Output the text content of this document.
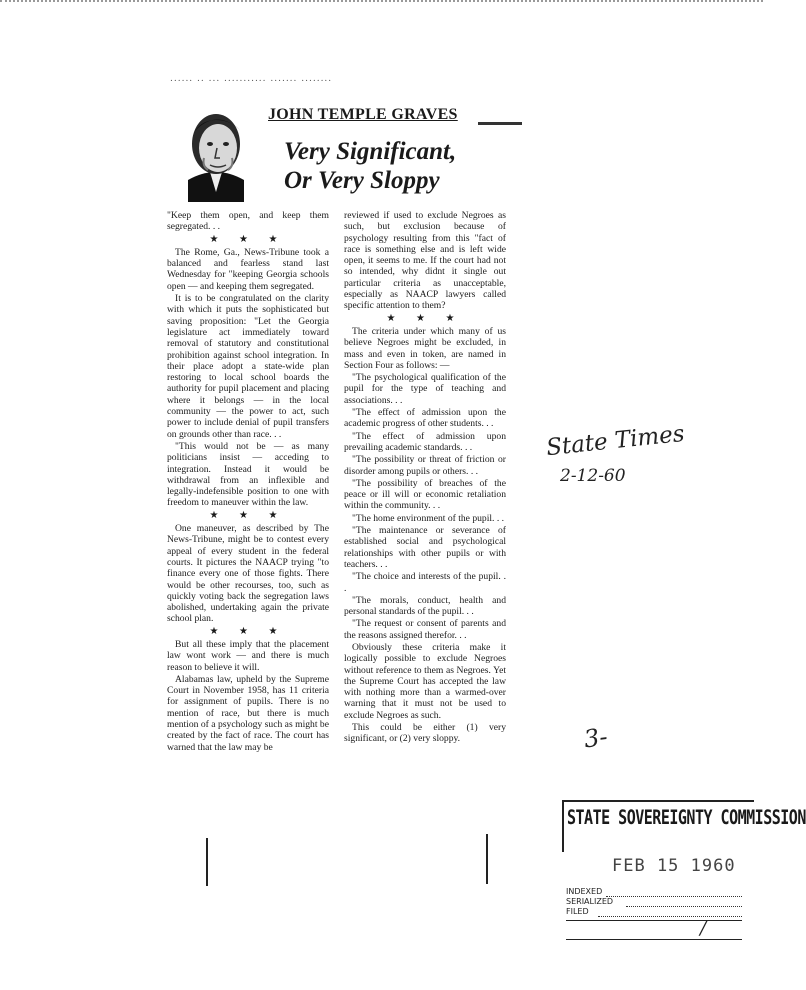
...... .. ... ........... ....... ........
JOHN TEMPLE GRAVES
Very Significant,
Or Very Sloppy

"Keep them open, and keep them segregated. . .

★ ★ ★

The Rome, Ga., News-Tribune took a balanced and fearless stand last Wednesday for "keeping Georgia schools open — and keeping them segregated.

It is to be congratulated on the clarity with which it puts the sophisticated but saving proposition: "Let the Georgia legislature act immediately toward removal of statutory and constitutional prohibition against school integration. In their place adopt a state-wide plan restoring to local school boards the authority for pupil placement and placing where it belongs — in the local community — the power to act, such power to include denial of pupil transfers on grounds other than race. . .

"This would not be — as many politicians insist — acceding to integration. Instead it would be withdrawal from an inflexible and legally-indefensible position to one with freedom to maneuver within the law.

★ ★ ★

One maneuver, as described by The News-Tribune, might be to contest every appeal of every student in the federal courts. It pictures the NAACP trying "to finance every one of those fights. There would be other recourses, too, such as quickly voting back the segregation laws abolished, undertaking again the private school plan.

★ ★ ★

But all these imply that the placement law wont work — and there is much reason to believe it will.

Alabamas law, upheld by the Supreme Court in November 1958, has 11 criteria for assignment of pupils. There is no mention of race, but there is much mention of a psychology such as might be created by the fact of race. The court has warned that the law may be

reviewed if used to exclude Negroes as such, but exclusion because of psychology resulting from this "fact of race is something else and is left wide open, it seems to me. If the court had not so intended, why didnt it single out particular criteria as unacceptable, especially as NAACP lawyers called specific attention to them?

★ ★ ★

The criteria under which many of us believe Negroes might be excluded, in mass and even in token, are named in Section Four as follows: —

"The psychological qualification of the pupil for the type of teaching and associations. . .

"The effect of admission upon the academic progress of other students. . .

"The effect of admission upon prevailing academic standards. . .

"The possibility or threat of friction or disorder among pupils or others. . .

"The possibility of breaches of the peace or ill will or economic retaliation within the community. . .

"The home environment of the pupil. . .

"The maintenance or severance of established social and psychological relationships with other pupils or with teachers. . .

"The choice and interests of the pupil. . .

"The morals, conduct, health and personal standards of the pupil. . .

"The request or consent of parents and the reasons assigned therefor. . .

Obviously these criteria make it logically possible to exclude Negroes without reference to them as Negroes. Yet the Supreme Court has accepted the law with nothing more than a warmed-over warning that it must not be used to exclude Negroes as such.

This could be either (1) very significant, or (2) very sloppy.

State Times
2-12-60
3-
STATE SOVEREIGNTY COMMISSION
FEB 15 1960
INDEXED
SERIALIZED
FILED
/
